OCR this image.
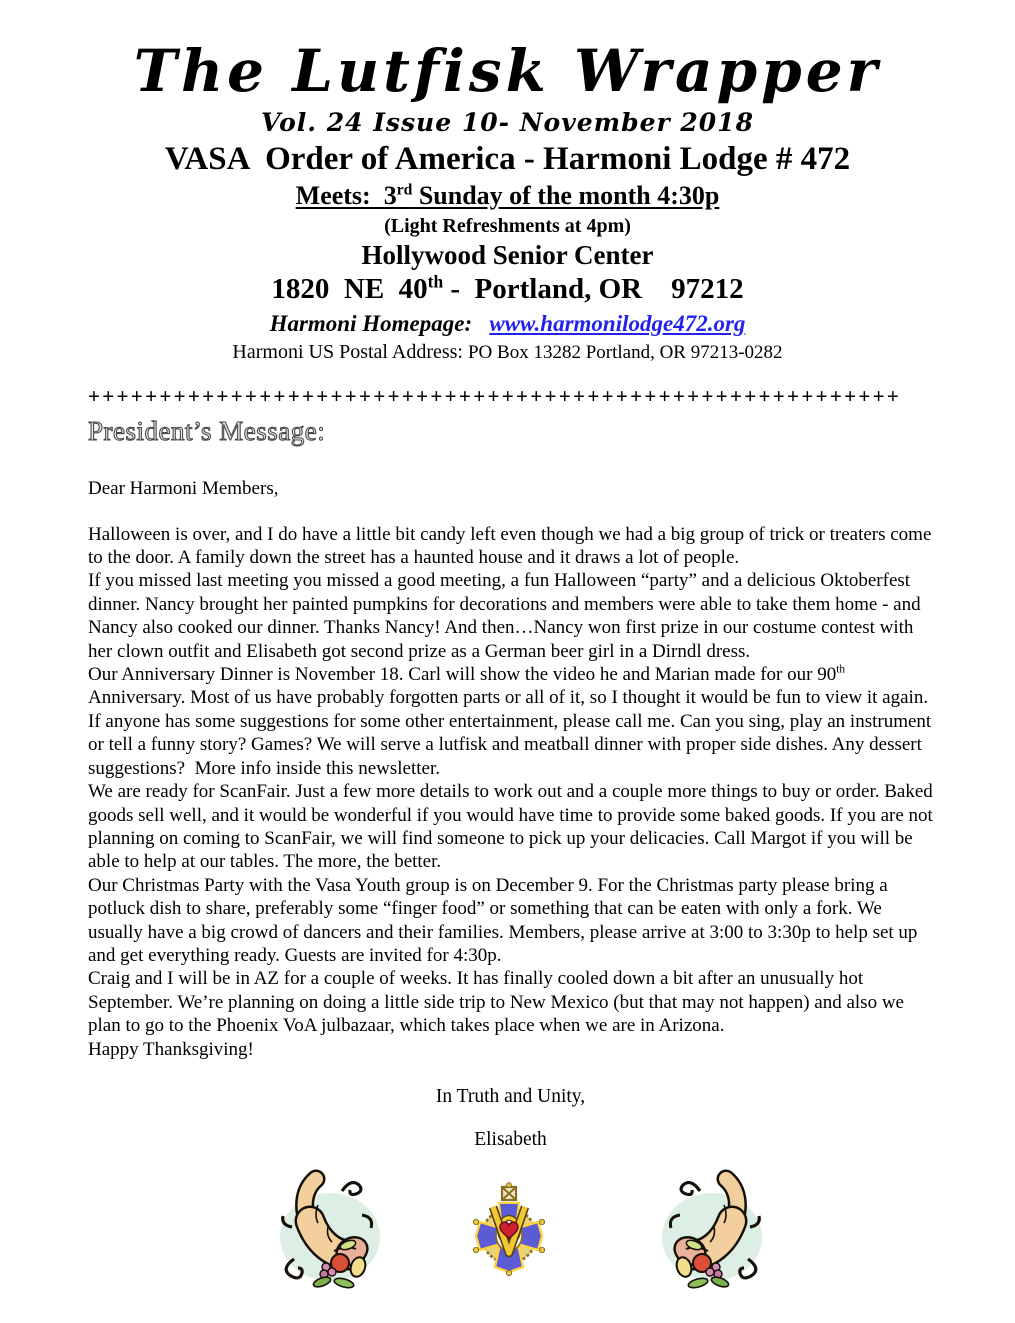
The Lutfisk Wrapper
Vol. 24 Issue 10- November 2018
VASA  Order of America - Harmoni Lodge # 472
Meets:  3rd Sunday of the month 4:30p
(Light Refreshments at 4pm)
Hollywood Senior Center
1820  NE  40th -  Portland, OR    97212
Harmoni Homepage: www.harmonilodge472.org
Harmoni US Postal Address: PO Box 13282 Portland, OR 97213-0282
+++++++++++++++++++++++++++++++++++++++++++++++++++++++++
President’s Message:
Dear Harmoni Members,

Halloween is over, and I do have a little bit candy left even though we had a big group of trick or treaters come to the door. A family down the street has a haunted house and it draws a lot of people.

If you missed last meeting you missed a good meeting, a fun Halloween “party” and a delicious Oktoberfest dinner. Nancy brought her painted pumpkins for decorations and members were able to take them home - and Nancy also cooked our dinner. Thanks Nancy! And then…Nancy won first prize in our costume contest with her clown outfit and Elisabeth got second prize as a German beer girl in a Dirndl dress.

Our Anniversary Dinner is November 18. Carl will show the video he and Marian made for our 90th Anniversary. Most of us have probably forgotten parts or all of it, so I thought it would be fun to view it again. If anyone has some suggestions for some other entertainment, please call me. Can you sing, play an instrument or tell a funny story? Games? We will serve a lutfisk and meatball dinner with proper side dishes. Any dessert suggestions?  More info inside this newsletter.

We are ready for ScanFair. Just a few more details to work out and a couple more things to buy or order. Baked goods sell well, and it would be wonderful if you would have time to provide some baked goods. If you are not planning on coming to ScanFair, we will find someone to pick up your delicacies. Call Margot if you will be able to help at our tables. The more, the better.

Our Christmas Party with the Vasa Youth group is on December 9. For the Christmas party please bring a potluck dish to share, preferably some “finger food” or something that can be eaten with only a fork. We usually have a big crowd of dancers and their families. Members, please arrive at 3:00 to 3:30p to help set up and get everything ready. Guests are invited for 4:30p.

Craig and I will be in AZ for a couple of weeks. It has finally cooled down a bit after an unusually hot September. We’re planning on doing a little side trip to New Mexico (but that may not happen) and also we plan to go to the Phoenix VoA julbazaar, which takes place when we are in Arizona.

Happy Thanksgiving!

In Truth and Unity,
Elisabeth
